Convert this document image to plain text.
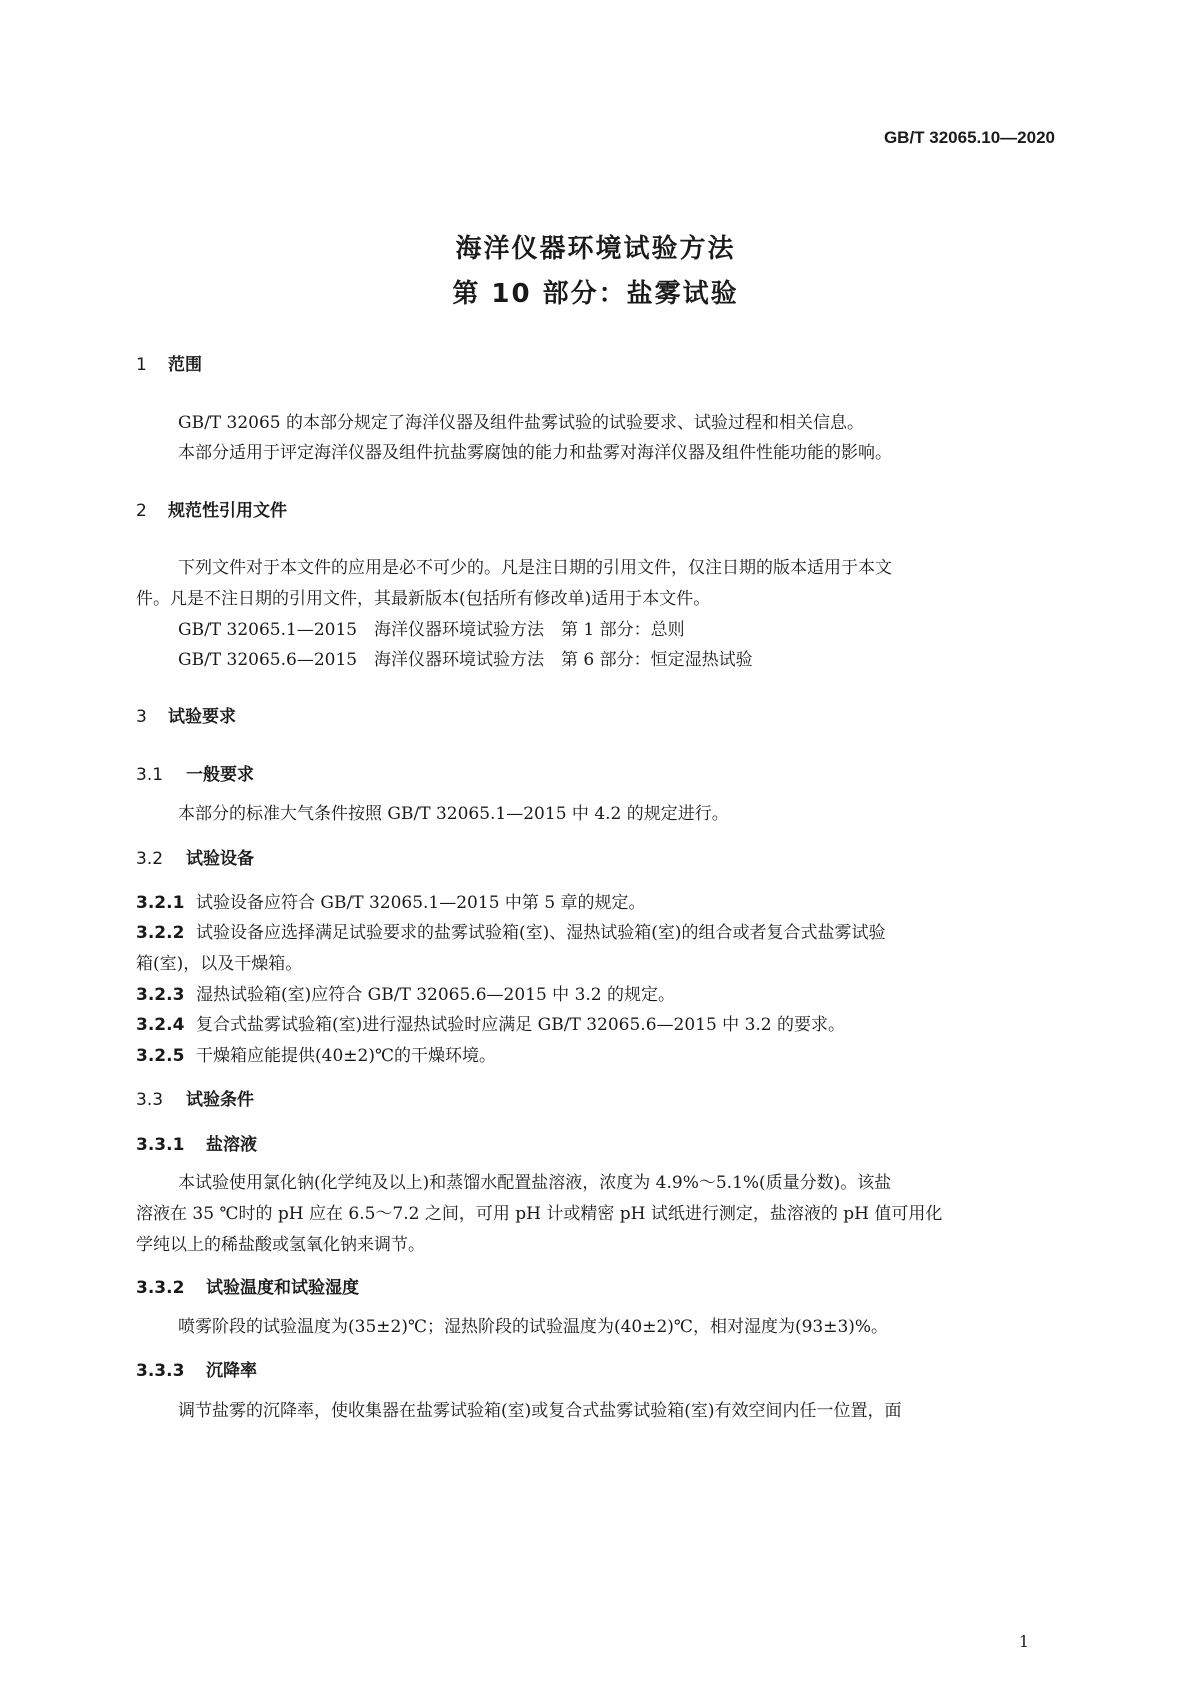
GB/T 32065.10—2020
海洋仪器环境试验方法
第 10 部分：盐雾试验
1 范围
GB/T 32065 的本部分规定了海洋仪器及组件盐雾试验的试验要求、试验过程和相关信息。
本部分适用于评定海洋仪器及组件抗盐雾腐蚀的能力和盐雾对海洋仪器及组件性能功能的影响。
2 规范性引用文件
下列文件对于本文件的应用是必不可少的。凡是注日期的引用文件，仅注日期的版本适用于本文
件。凡是不注日期的引用文件，其最新版本(包括所有修改单)适用于本文件。
GB/T 32065.1—2015 海洋仪器环境试验方法　第 1 部分：总则
GB/T 32065.6—2015 海洋仪器环境试验方法　第 6 部分：恒定湿热试验
3 试验要求
3.1 一般要求
本部分的标准大气条件按照 GB/T 32065.1—2015 中 4.2 的规定进行。
3.2 试验设备
3.2.1 试验设备应符合 GB/T 32065.1—2015 中第 5 章的规定。
3.2.2 试验设备应选择满足试验要求的盐雾试验箱(室)、湿热试验箱(室)的组合或者复合式盐雾试验
箱(室)，以及干燥箱。
3.2.3 湿热试验箱(室)应符合 GB/T 32065.6—2015 中 3.2 的规定。
3.2.4 复合式盐雾试验箱(室)进行湿热试验时应满足 GB/T 32065.6—2015 中 3.2 的要求。
3.2.5 干燥箱应能提供(40±2)℃的干燥环境。
3.3 试验条件
3.3.1 盐溶液
本试验使用氯化钠(化学纯及以上)和蒸馏水配置盐溶液，浓度为 4.9%～5.1%(质量分数)。该盐
溶液在 35 ℃时的 pH 应在 6.5～7.2 之间，可用 pH 计或精密 pH 试纸进行测定，盐溶液的 pH 值可用化
学纯以上的稀盐酸或氢氧化钠来调节。
3.3.2 试验温度和试验湿度
喷雾阶段的试验温度为(35±2)℃；湿热阶段的试验温度为(40±2)℃，相对湿度为(93±3)%。
3.3.3 沉降率
调节盐雾的沉降率，使收集器在盐雾试验箱(室)或复合式盐雾试验箱(室)有效空间内任一位置，面
1
